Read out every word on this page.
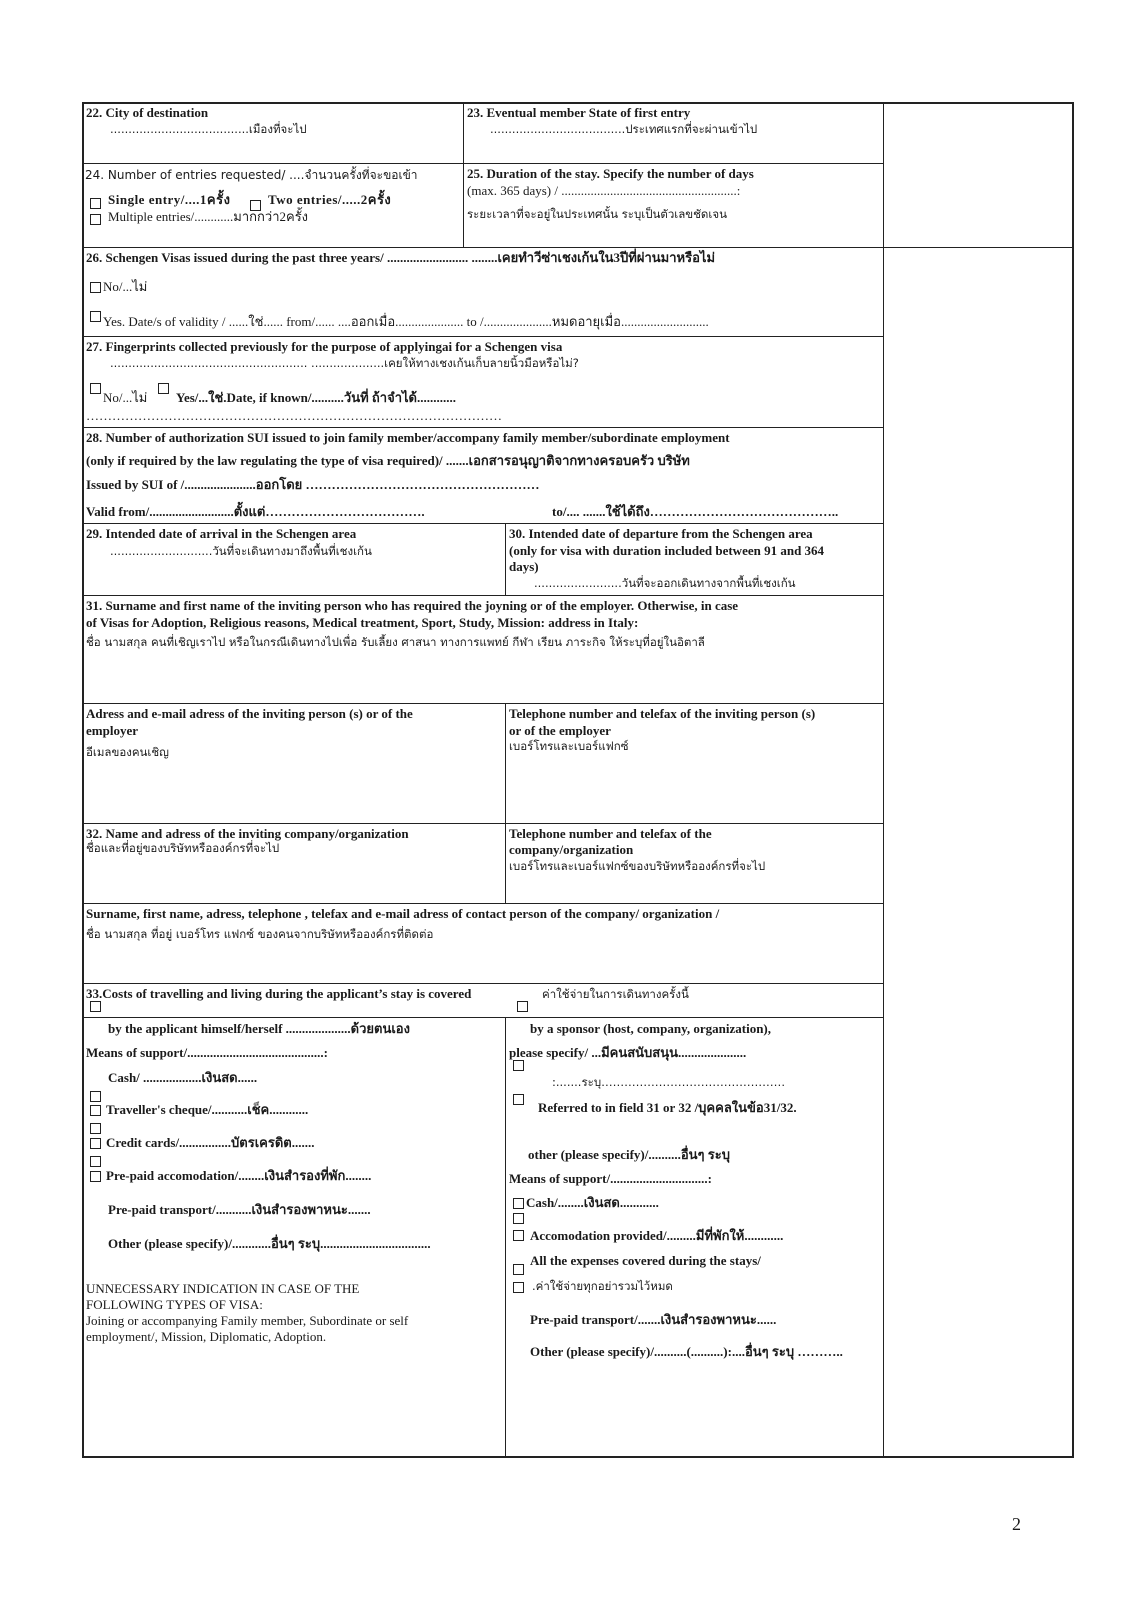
22. City of destination
......................................เมืองที่จะไป
23. Eventual member State of first entry
.....................................ประเทศแรกที่จะผ่านเข้าไป
24. Number of entries requested/ ....จำนวนครั้งที่จะขอเข้า
Single entry/....1ครั้ง	Two entries/.....2ครั้ง
Multiple entries/............มากกว่า2ครั้ง
25. Duration of the stay. Specify the number of days
(max. 365 days) / ......................................................:
ระยะเวลาที่จะอยู่ในประเทศนั้น ระบุเป็นตัวเลขชัดเจน
26. Schengen Visas issued during the past three years/ ......................... ........เคยทำวีซ่าเชงเก้นใน3ปีที่ผ่านมาหรือไม่
No/...ไม่
Yes. Date/s of validity / ......ใช่...... from/...... ....ออกเมื่อ..................... to /.....................หมดอายุเมื่อ...........................
27. Fingerprints collected previously for the purpose of applyingai for a Schengen visa
...................................................... ....................เคยให้ทางเชงเก้นเก็บลายนิ้วมือหรือไม่?
No/...ไม่ Yes/...ใช่.Date, if known/..........วันที่ ถ้าจำได้............
……………………………………………………………………………………
28. Number of authorization SUI issued to join family member/accompany family member/subordinate employment
(only if required by the law regulating the type of visa required)/ .......เอกสารอนุญาติจากทางครอบครัว บริษัท
Issued by SUI of /......................ออกโดย ………………………………………………
Valid from/..........................ตั้งแต่……………………………….	to/.... .......ใช้ได้ถึง……………………………………..
29. Intended date of arrival in the Schengen area
............................วันที่จะเดินทางมาถึงพื้นที่เชงเก้น
30. Intended date of departure from the Schengen area
(only for visa with duration included between 91 and 364
days)
........................วันที่จะออกเดินทางจากพื้นที่เชงเก้น
31. Surname and first name of the inviting person who has required the joyning or of the employer. Otherwise, in case
of Visas for Adoption, Religious reasons, Medical treatment, Sport, Study, Mission: address in Italy:
ชื่อ นามสกุล คนที่เชิญเราไป หรือในกรณีเดินทางไปเพื่อ รับเลี้ยง ศาสนา ทางการแพทย์ กีฬา เรียน ภาระกิจ ให้ระบุที่อยู่ในอิตาลี
Adress and e-mail adress of the inviting person (s) or of the
employer
อีเมลของคนเชิญ
Telephone number and telefax of the inviting person (s)
or of the employer
เบอร์โทรและเบอร์แฟกซ์
32. Name and adress of the inviting company/organization
ชื่อและที่อยู่ของบริษัทหรือองค์กรที่จะไป
Telephone number and telefax of the
company/organization
เบอร์โทรและเบอร์แฟกซ์ของบริษัทหรือองค์กรที่จะไป
Surname, first name, adress, telephone , telefax and e-mail adress of contact person of the company/ organization /
ชื่อ นามสกุล ที่อยู่ เบอร์โทร แฟกซ์ ของคนจากบริษัทหรือองค์กรที่ติดต่อ
33.Costs of travelling and living during the applicant’s stay is covered	ค่าใช้จ่ายในการเดินทางครั้งนี้
by the applicant himself/herself ....................ด้วยตนเอง
Means of support/..........................................:
Cash/ ..................เงินสด......
Traveller's cheque/...........เช็ค............
Credit cards/................บัตรเครดิต.......
Pre-paid accomodation/........เงินสำรองที่พัก........
Pre-paid transport/...........เงินสำรองพาหนะ.......
Other (please specify)/............อื่นๆ ระบุ..................................
UNNECESSARY INDICATION IN CASE OF THE
FOLLOWING TYPES OF VISA:
Joining or accompanying Family member, Subordinate or self
employment/, Mission, Diplomatic, Adoption.
by a sponsor (host, company, organization),
please specify/ ...มีคนสนับสนุน.....................
:.......ระบุ…………………………………………
Referred to in field 31 or 32 /บุคคลในข้อ31/32.
other (please specify)/..........อื่นๆ ระบุ
Means of support/..............................:
Cash/........เงินสด............
Accomodation provided/.........มีที่พักให้............
All the expenses covered during the stays/
.ค่าใช้จ่ายทุกอย่ารวมไว้หมด
Pre-paid transport/.......เงินสำรองพาหนะ......
Other (please specify)/..........(..........):....อื่นๆ ระบุ ………..
2
